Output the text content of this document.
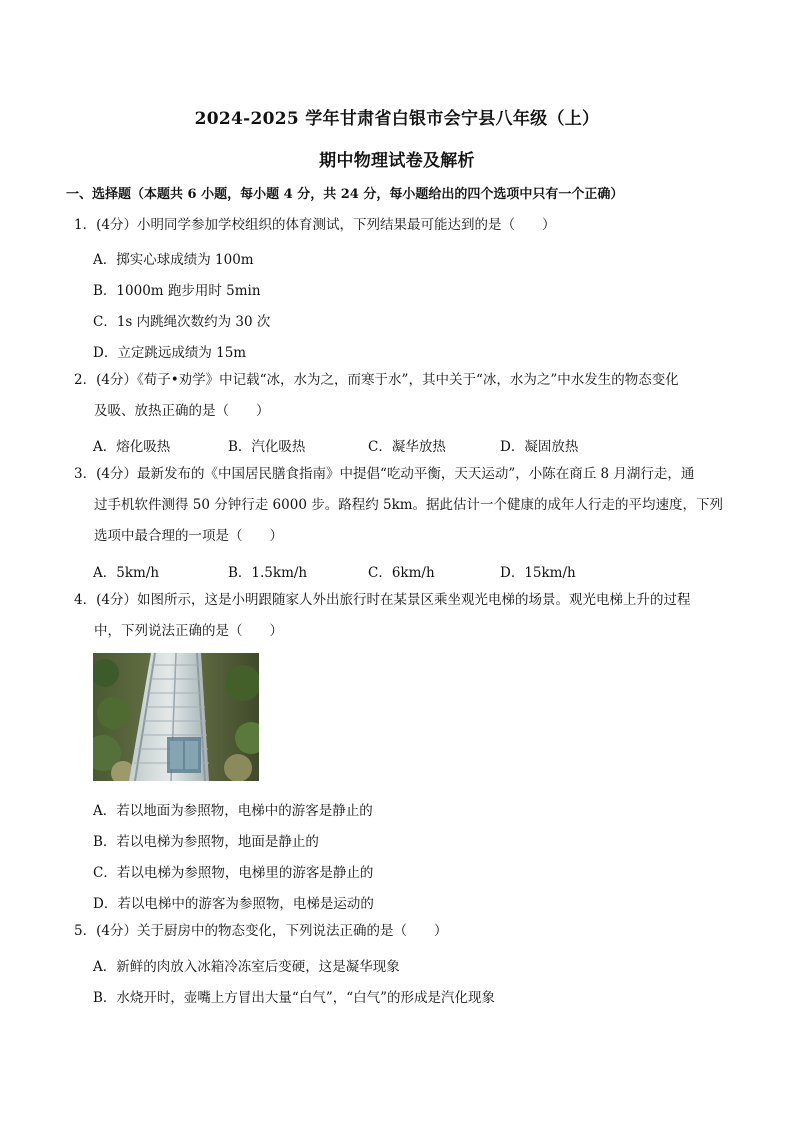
2024-2025 学年甘肃省白银市会宁县八年级（上）
期中物理试卷及解析
一、选择题（本题共 6 小题，每小题 4 分，共 24 分，每小题给出的四个选项中只有一个正确）
1．(4分）小明同学参加学校组织的体育测试，下列结果最可能达到的是（　　）
A．掷实心球成绩为 100m
B．1000m 跑步用时 5min
C．1s 内跳绳次数约为 30 次
D．立定跳远成绩为 15m
2．(4分）《荀子•劝学》中记载“冰，水为之，而寒于水”，其中关于“冰，水为之”中水发生的物态变化
及吸、放热正确的是（　　）
A．熔化吸热	B．汽化吸热	C．凝华放热	D．凝固放热
3．(4分）最新发布的《中国居民膳食指南》中提倡“吃动平衡，天天运动”，小陈在商丘 8 月湖行走，通
过手机软件测得 50 分钟行走 6000 步。路程约 5km。据此估计一个健康的成年人行走的平均速度，下列
选项中最合理的一项是（　　）
A．5km/h	B．1.5km/h	C．6km/h	D．15km/h
4．(4分）如图所示，这是小明跟随家人外出旅行时在某景区乘坐观光电梯的场景。观光电梯上升的过程
中，下列说法正确的是（　　）
A．若以地面为参照物，电梯中的游客是静止的
B．若以电梯为参照物，地面是静止的
C．若以电梯为参照物，电梯里的游客是静止的
D．若以电梯中的游客为参照物，电梯是运动的
5．(4分）关于厨房中的物态变化，下列说法正确的是（　　）
A．新鲜的肉放入冰箱冷冻室后变硬，这是凝华现象
B．水烧开时，壶嘴上方冒出大量“白气”，“白气”的形成是汽化现象
